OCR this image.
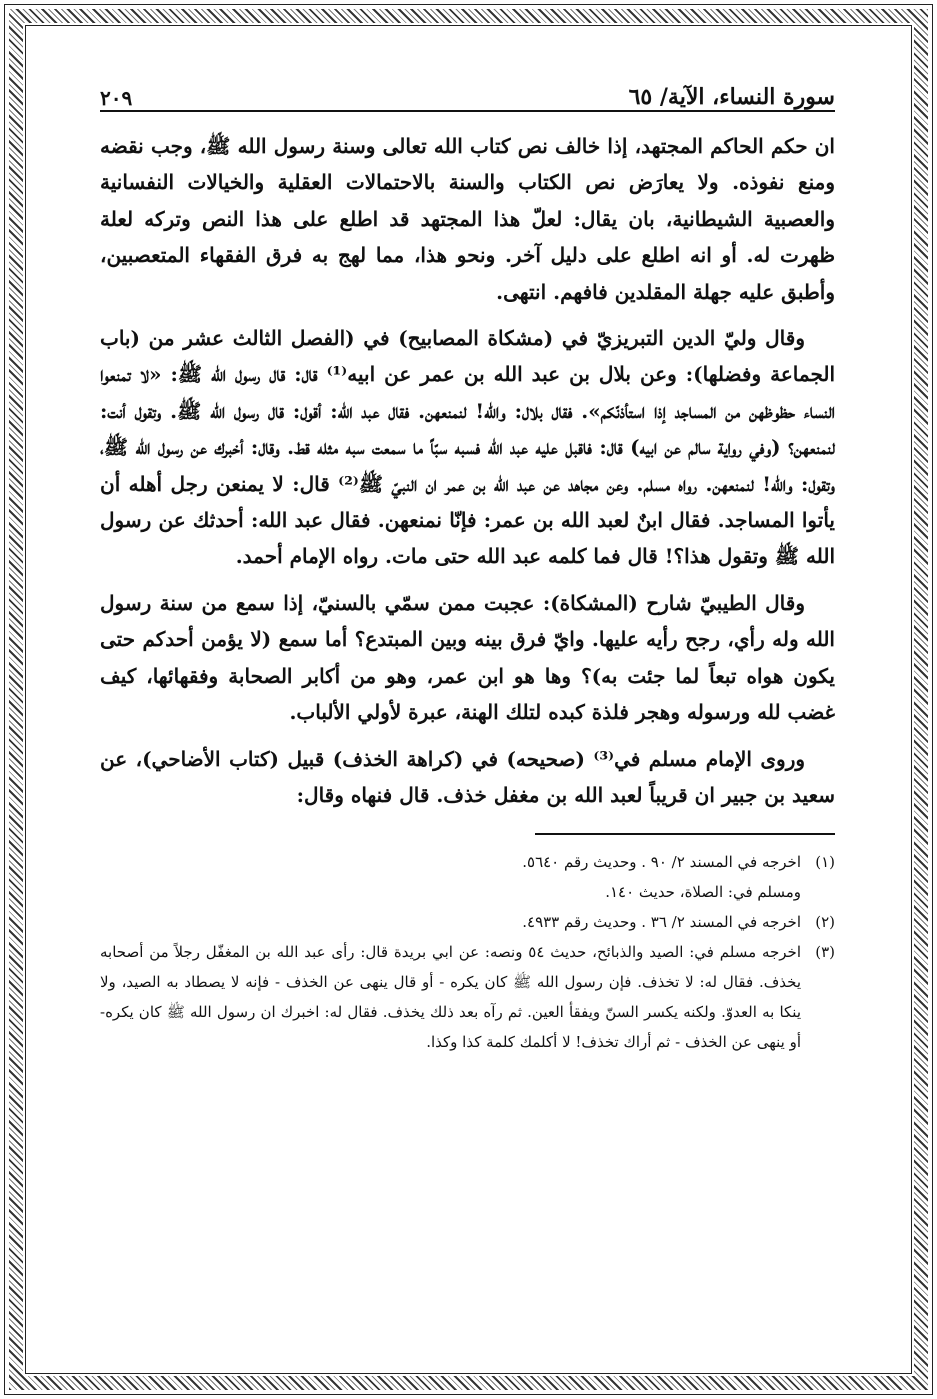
سورة النساء، الآية/ ٦٥
٢٠٩

ان حكم الحاكم المجتهد، إذا خالف نص كتاب الله تعالى وسنة رسول الله ﷺ، وجب نقضه ومنع نفوذه. ولا يعارَض نص الكتاب والسنة بالاحتمالات العقلية والخيالات النفسانية والعصبية الشيطانية، بان يقال: لعلّ هذا المجتهد قد اطلع على هذا النص وتركه لعلة ظهرت له. أو انه اطلع على دليل آخر. ونحو هذا، مما لهج به فرق الفقهاء المتعصبين، وأطبق عليه جهلة المقلدين فافهم. انتهى.

وقال وليّ الدين التبريزيّ في (مشكاة المصابيح) في (الفصل الثالث عشر من (باب الجماعة وفضلها): وعن بلال بن عبد الله بن عمر عن ابيه⁽¹⁾ قال: قال رسول الله ﷺ: «لا تمنعوا النساء حظوظهن من المساجد إذا استأذنّكم». فقال بلال: والله! لنمنعهن. فقال عبد الله: أقول: قال رسول الله ﷺ. وتقول أنت: لنمنعهن؟ (وفي رواية سالم عن ابيه) قال: فاقبل عليه عبد الله فسبه سبّاً ما سمعت سبه مثله قط. وقال: أخبرك عن رسول الله ﷺ، وتقول: والله! لنمنعهن. رواه مسلم. وعن مجاهد عن عبد الله بن عمر ان النبيّ ﷺ⁽²⁾ قال: لا يمنعن رجل أهله أن يأتوا المساجد. فقال ابنٌ لعبد الله بن عمر: فإنّا نمنعهن. فقال عبد الله: أحدثك عن رسول الله ﷺ وتقول هذا؟! قال فما كلمه عبد الله حتى مات. رواه الإمام أحمد.

وقال الطيبيّ شارح (المشكاة): عجبت ممن سمّي بالسنيّ، إذا سمع من سنة رسول الله وله رأي، رجح رأيه عليها. وايّ فرق بينه وبين المبتدع؟ أما سمع (لا يؤمن أحدكم حتى يكون هواه تبعاً لما جئت به)؟ وها هو ابن عمر، وهو من أكابر الصحابة وفقهائها، كيف غضب لله ورسوله وهجر فلذة كبده لتلك الهنة، عبرة لأولي الألباب.

وروى الإمام مسلم في⁽³⁾ (صحيحه) في (كراهة الخذف) قبيل (كتاب الأضاحي)، عن سعيد بن جبير ان قريباً لعبد الله بن مغفل خذف. قال فنهاه وقال:

(١)
اخرجه في المسند ٢/ ٩٠ . وحديث رقم ٥٦٤٠.
ومسلم في: الصلاة، حديث ١٤٠.
(٢)
اخرجه في المسند ٢/ ٣٦ . وحديث رقم ٤٩٣٣.
(٣)
اخرجه مسلم في: الصيد والذبائح، حديث ٥٤ ونصه: عن ابي بريدة قال: رأى عبد الله بن المغفّل رجلاً من أصحابه يخذف. فقال له: لا تخذف. فإن رسول الله ﷺ كان يكره - أو قال ينهى عن الخذف - فإنه لا يصطاد به الصيد، ولا ينكا به العدوّ. ولكنه يكسر السنّ ويفقأ العين. ثم رآه بعد ذلك يخذف. فقال له: اخبرك ان رسول الله ﷺ كان يكره- أو ينهى عن الخذف - ثم أراك تخذف! لا أكلمك كلمة كذا وكذا.
